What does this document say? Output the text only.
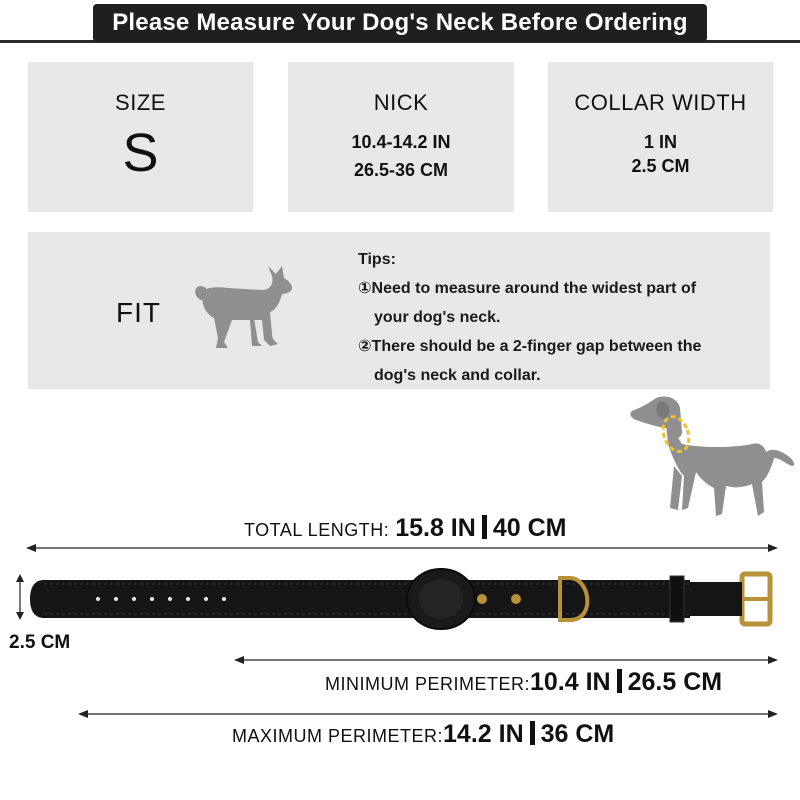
Please Measure Your Dog's Neck Before Ordering
SIZE
S
NICK
10.4-14.2 IN
26.5-36 CM
COLLAR WIDTH
1 IN
2.5 CM
FIT
Tips:
①Need to measure around the widest part of
your dog's neck.
②There should be a 2-finger gap between the
dog's neck and collar.
TOTAL LENGTH: 15.8 IN 40 CM
2.5 CM
MINIMUM PERIMETER: 10.4 IN 26.5 CM
MAXIMUM PERIMETER: 14.2 IN 36 CM
